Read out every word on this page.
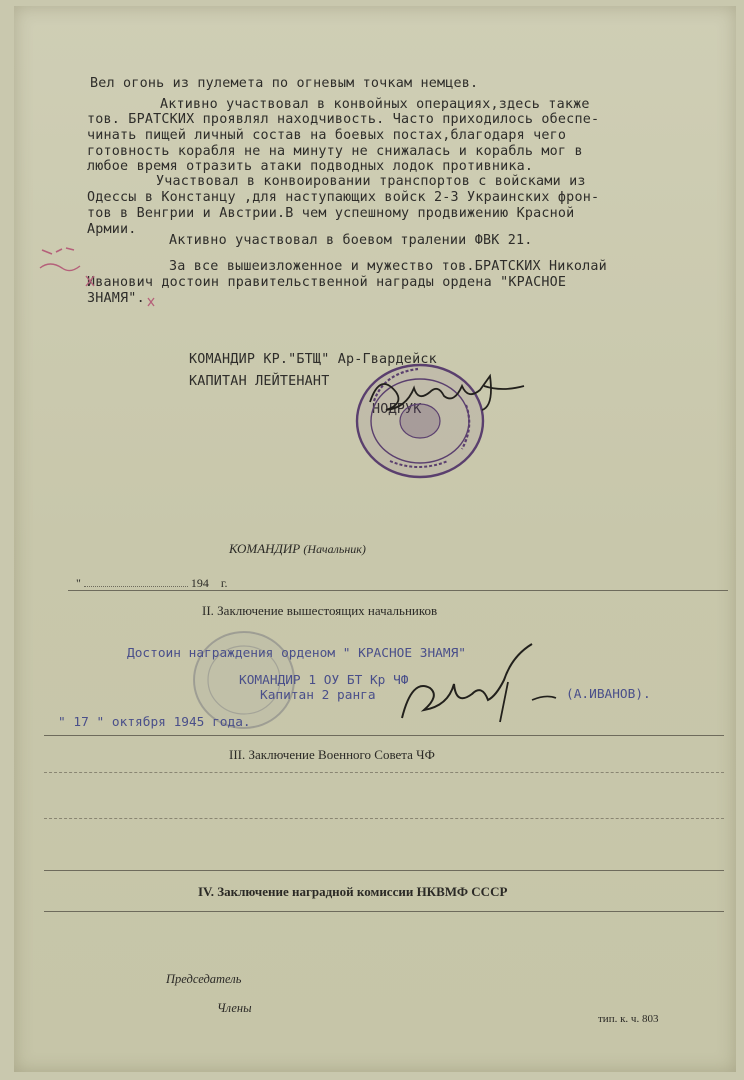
Вел огонь из пулемета по огневым точкам немцев.
Активно участвовал в конвойных операциях,здесь также
тов. БРАТСКИХ проявлял находчивость. Часто приходилось обеспе-
чинать пищей личный состав на боевых постах,благодаря чего
готовность корабля не на минуту не снижалась и корабль мог в
любое время отразить атаки подводных лодок противника.
Участвовал в конвоировании транспортов с войсками из
Одессы в Констанцу ,для наступающих войск 2-3 Украинских фрон-
тов в Венгрии и Австрии.В чем успешному продвижению Красной
Армии.
Активно участвовал в боевом тралении ФВК 21.
За все вышеизложенное и мужество тов.БРАТСКИХ Николай
Иванович достоин правительственной награды ордена "КРАСНОЕ
ЗНАМЯ".
КОМАНДИР КР."БТЩ" Ар-Гвардейск
КАПИТАН ЛЕЙТЕНАНТ
КОМАНДИР (Начальник)
"	194 г.
II. Заключение вышестоящих начальников
Достоин награждения орденом " КРАСНОЕ ЗНАМЯ"
КОМАНДИР 1 ОУ БТ Кр ЧФ
Капитан 2 ранга	(А.ИВАНОВ).
" 17 " октября 1945 года.
III. Заключение Военного Совета ЧФ
IV. Заключение наградной комиссии НКВМФ СССР
Председатель
Члены
тип. к. ч. 803
